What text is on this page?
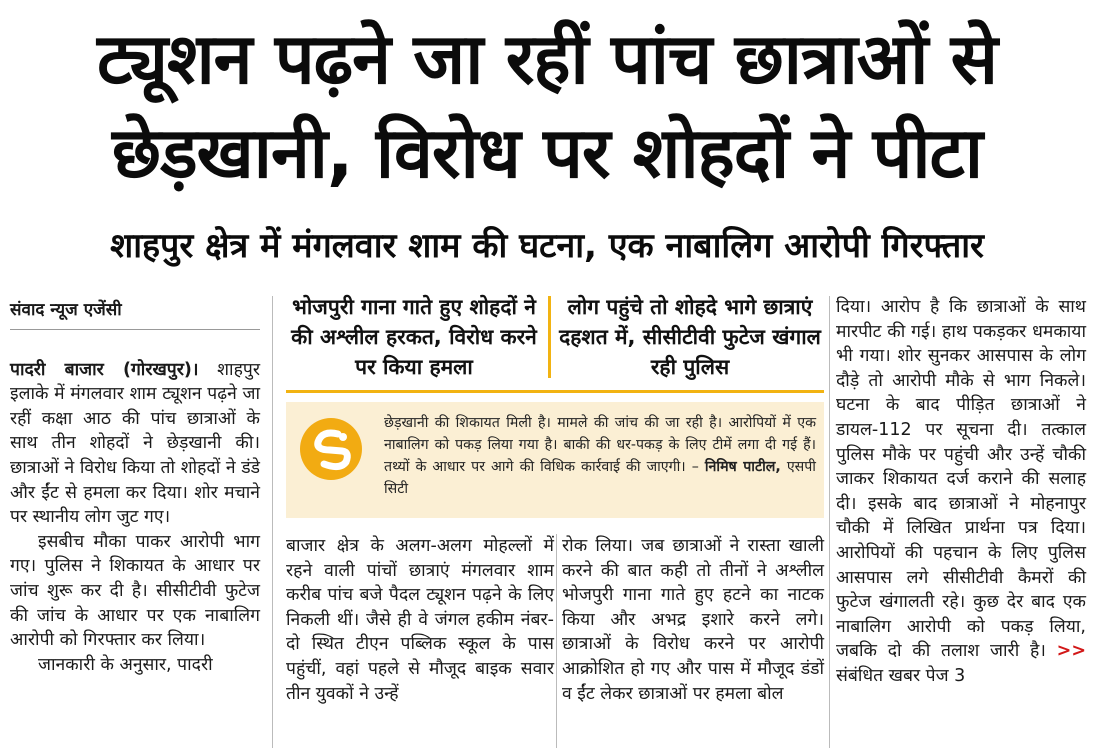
ट्यूशन पढ़ने जा रहीं पांच छात्राओं से
छेड़खानी, विरोध पर शोहदों ने पीटा
शाहपुर क्षेत्र में मंगलवार शाम की घटना, एक नाबालिग आरोपी गिरफ्तार
संवाद न्यूज एजेंसी

पादरी बाजार (गोरखपुर)। शाहपुर इलाके में मंगलवार शाम ट्यूशन पढ़ने जा रहीं कक्षा आठ की पांच छात्राओं के साथ तीन शोहदों ने छेड़खानी की। छात्राओं ने विरोध किया तो शोहदों ने डंडे और ईंट से हमला कर दिया। शोर मचाने पर स्थानीय लोग जुट गए।

इसबीच मौका पाकर आरोपी भाग गए। पुलिस ने शिकायत के आधार पर जांच शुरू कर दी है। सीसीटीवी फुटेज की जांच के आधार पर एक नाबालिग आरोपी को गिरफ्तार कर लिया।

जानकारी के अनुसार, पादरी

भोजपुरी गाना गाते हुए शोहदों ने की अश्लील हरकत, विरोध करने पर किया हमला
लोग पहुंचे तो शोहदे भागे छात्राएं दहशत में, सीसीटीवी फुटेज खंगाल रही पुलिस
छेड़खानी की शिकायत मिली है। मामले की जांच की जा रही है। आरोपियों में एक नाबालिग को पकड़ लिया गया है। बाकी की धर-पकड़ के लिए टीमें लगा दी गई हैं। तथ्यों के आधार पर आगे की विधिक कार्रवाई की जाएगी। – निमिष पाटील, एसपी सिटी

बाजार क्षेत्र के अलग-अलग मोहल्लों में रहने वाली पांचों छात्राएं मंगलवार शाम करीब पांच बजे पैदल ट्यूशन पढ़ने के लिए निकली थीं। जैसे ही वे जंगल हकीम नंबर-दो स्थित टीएन पब्लिक स्कूल के पास पहुंचीं, वहां पहले से मौजूद बाइक सवार तीन युवकों ने उन्हें

रोक लिया। जब छात्राओं ने रास्ता खाली करने की बात कही तो तीनों ने अश्लील भोजपुरी गाना गाते हुए हटने का नाटक किया और अभद्र इशारे करने लगे। छात्राओं के विरोध करने पर आरोपी आक्रोशित हो गए और पास में मौजूद डंडों व ईंट लेकर छात्राओं पर हमला बोल

दिया। आरोप है कि छात्राओं के साथ मारपीट की गई। हाथ पकड़कर धमकाया भी गया। शोर सुनकर आसपास के लोग दौड़े तो आरोपी मौके से भाग निकले। घटना के बाद पीड़ित छात्राओं ने डायल-112 पर सूचना दी। तत्काल पुलिस मौके पर पहुंची और उन्हें चौकी जाकर शिकायत दर्ज कराने की सलाह दी। इसके बाद छात्राओं ने मोहनापुर चौकी में लिखित प्रार्थना पत्र दिया। आरोपियों की पहचान के लिए पुलिस आसपास लगे सीसीटीवी कैमरों की फुटेज खंगालती रहे। कुछ देर बाद एक नाबालिग आरोपी को पकड़ लिया, जबकि दो की तलाश जारी है। >> संबंधित खबर पेज 3
